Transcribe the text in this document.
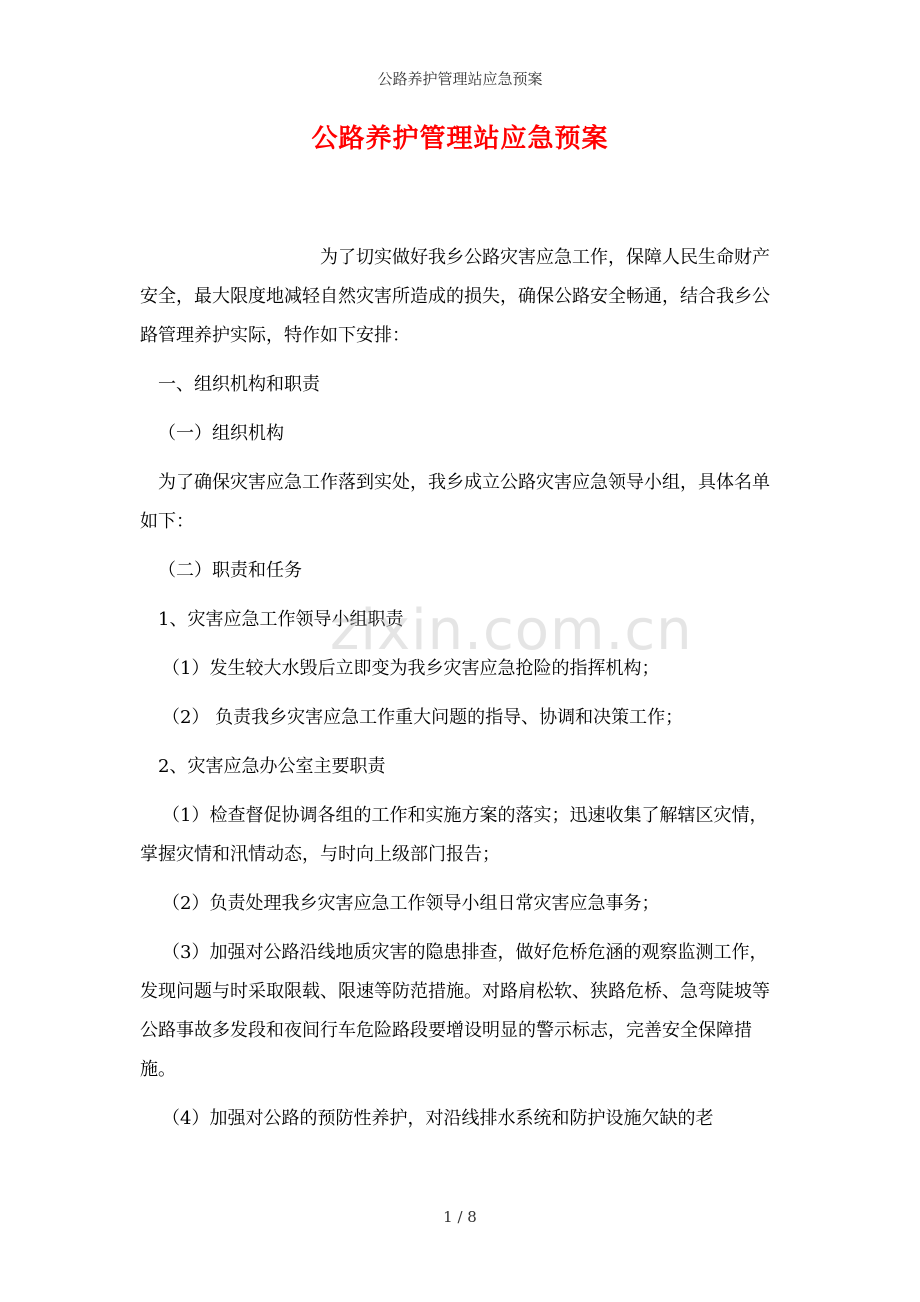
公路养护管理站应急预案
公路养护管理站应急预案

为了切实做好我乡公路灾害应急工作，保障人民生命财产安全，最大限度地减轻自然灾害所造成的损失，确保公路安全畅通，结合我乡公路管理养护实际，特作如下安排：

一、组织机构和职责

（一）组织机构

为了确保灾害应急工作落到实处，我乡成立公路灾害应急领导小组，具体名单如下：

（二）职责和任务

1、灾害应急工作领导小组职责

（1）发生较大水毁后立即变为我乡灾害应急抢险的指挥机构；

（2） 负责我乡灾害应急工作重大问题的指导、协调和决策工作；

2、灾害应急办公室主要职责

（1）检查督促协调各组的工作和实施方案的落实；迅速收集了解辖区灾情，掌握灾情和汛情动态，与时向上级部门报告；

（2）负责处理我乡灾害应急工作领导小组日常灾害应急事务；

（3）加强对公路沿线地质灾害的隐患排查，做好危桥危涵的观察监测工作，发现问题与时采取限载、限速等防范措施。对路肩松软、狭路危桥、急弯陡坡等公路事故多发段和夜间行车危险路段要增设明显的警示标志，完善安全保障措施。

（4）加强对公路的预防性养护，对沿线排水系统和防护设施欠缺的老

zixin.com.cn
1 / 8
